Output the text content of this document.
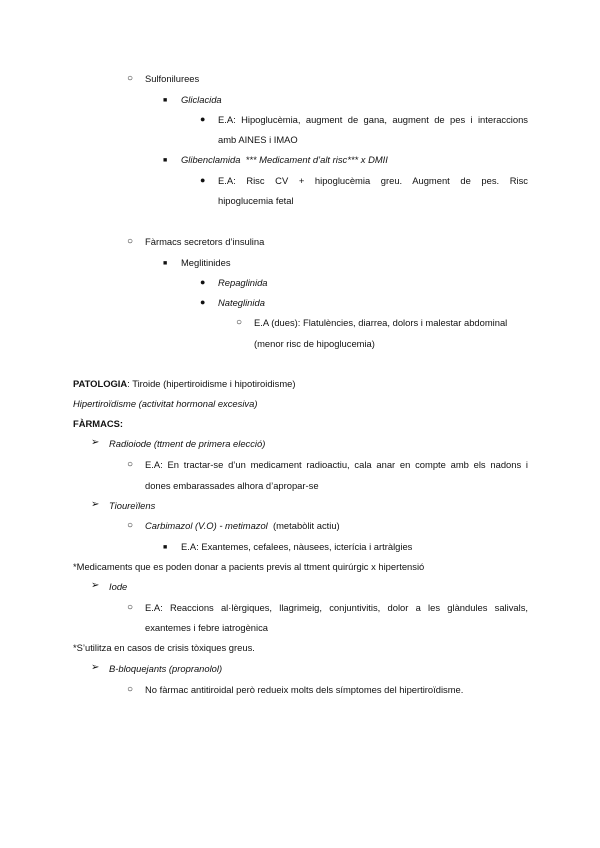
○ Sulfonilurees
■ Gliclacida
● E.A: Hipoglucèmia, augment de gana, augment de pes i interaccions
amb AINES i IMAO
■ Glibenclamida *** Medicament d’alt risc*** x DMII
● E.A: Risc CV + hipoglucèmia greu. Augment de pes. Risc
hipoglucemia fetal
○ Fàrmacs secretors d’insulina
■ Meglitinides
● Repaglinida
● Nateglinida
○ E.A (dues): Flatulències, diarrea, dolors i malestar abdominal
(menor risc de hipoglucemia)
PATOLOGIA: Tiroide (hipertiroidisme i hipotiroidisme)
Hipertiroïdisme (activitat hormonal excesiva)
FÀRMACS:
➢ Radioiode (ttment de primera elecció)
○ E.A: En tractar-se d’un medicament radioactiu, cala anar en compte amb els nadons i
dones embarassades alhora d’apropar-se
➢ Tioureïlens
○ Carbimazol (V.O) - metimazol (metabòlit actiu)
■ E.A: Exantemes, cefalees, nàusees, icterícia i artràlgies
*Medicaments que es poden donar a pacients previs al ttment quirúrgic x hipertensió
➢ Iode
○ E.A: Reaccions al·lèrgiques, llagrimeig, conjuntivitis, dolor a les glàndules salivals,
exantemes i febre iatrogènica
*S’utilitza en casos de crisis tòxiques greus.
➢ B-bloquejants (propranolol)
○ No fàrmac antitiroidal però redueix molts dels símptomes del hipertiroïdisme.
